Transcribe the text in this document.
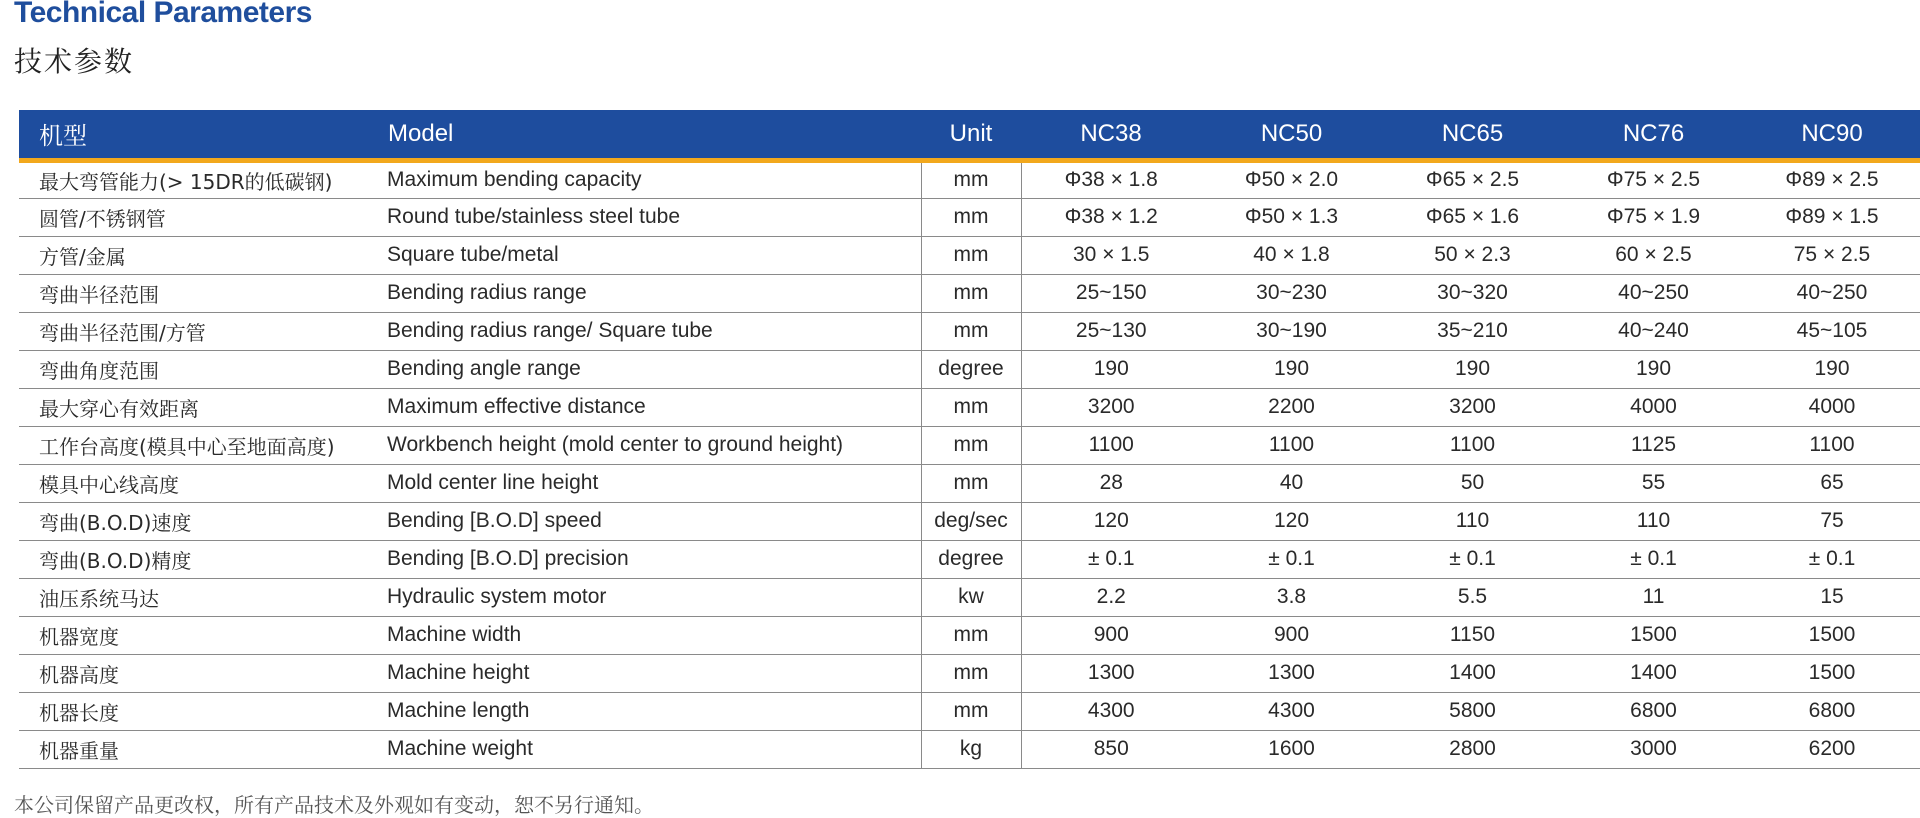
Technical Parameters
技术参数
机型	Model	Unit	NC38	NC50	NC65	NC76	NC90
最大弯管能力(> 15DR的低碳钢)	Maximum bending capacity	mm	Φ38 × 1.8	Φ50 × 2.0	Φ65 × 2.5	Φ75 × 2.5	Φ89 × 2.5
圆管/不锈钢管	Round tube/stainless steel tube	mm	Φ38 × 1.2	Φ50 × 1.3	Φ65 × 1.6	Φ75 × 1.9	Φ89 × 1.5
方管/金属	Square tube/metal	mm	30 × 1.5	40 × 1.8	50 × 2.3	60 × 2.5	75 × 2.5
弯曲半径范围	Bending radius range	mm	25~150	30~230	30~320	40~250	40~250
弯曲半径范围/方管	Bending radius range/ Square tube	mm	25~130	30~190	35~210	40~240	45~105
弯曲角度范围	Bending angle range	degree	190	190	190	190	190
最大穿心有效距离	Maximum effective distance	mm	3200	2200	3200	4000	4000
工作台高度(模具中心至地面高度)	Workbench height (mold center to ground height)	mm	1100	1100	1100	1125	1100
模具中心线高度	Mold center line height	mm	28	40	50	55	65
弯曲(B.O.D)速度	Bending [B.O.D] speed	deg/sec	120	120	110	110	75
弯曲(B.O.D)精度	Bending [B.O.D] precision	degree	± 0.1	± 0.1	± 0.1	± 0.1	± 0.1
油压系统马达	Hydraulic system motor	kw	2.2	3.8	5.5	11	15
机器宽度	Machine width	mm	900	900	1150	1500	1500
机器高度	Machine height	mm	1300	1300	1400	1400	1500
机器长度	Machine length	mm	4300	4300	5800	6800	6800
机器重量	Machine weight	kg	850	1600	2800	3000	6200
本公司保留产品更改权，所有产品技术及外观如有变动，恕不另行通知。
